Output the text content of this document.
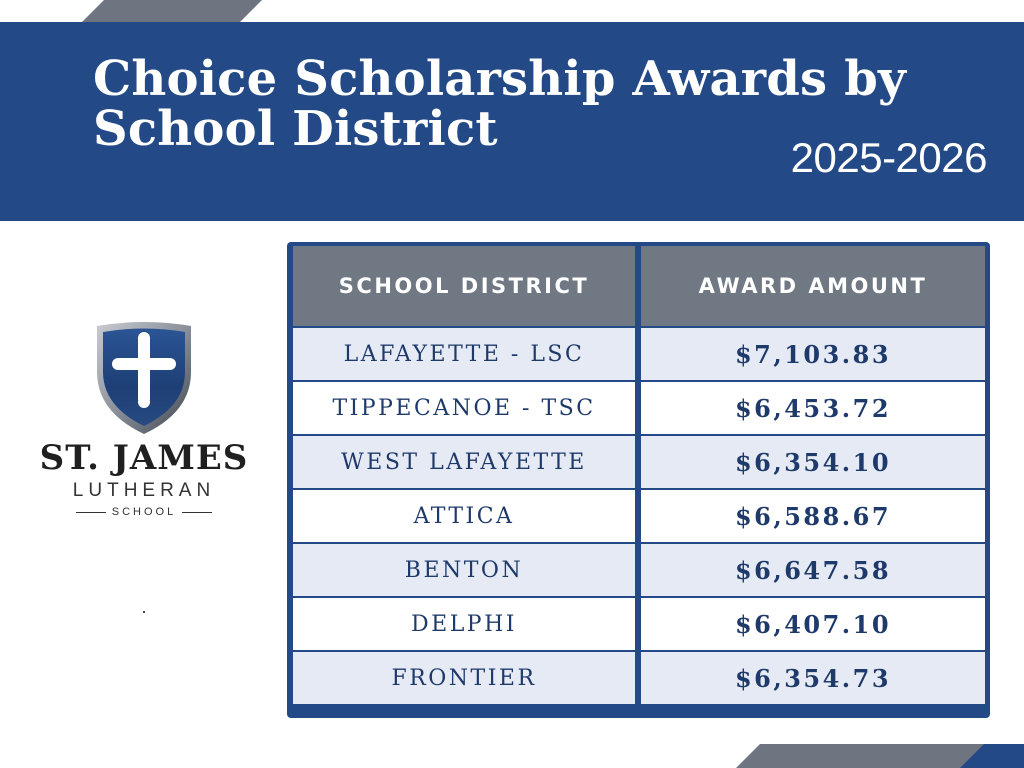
Choice Scholarship Awards by School District
2025-2026
ST. JAMES
LUTHERAN
SCHOOL
SCHOOL DISTRICT	AWARD AMOUNT
LAFAYETTE - LSC	$7,103.83
TIPPECANOE - TSC	$6,453.72
WEST LAFAYETTE	$6,354.10
ATTICA	$6,588.67
BENTON	$6,647.58
DELPHI	$6,407.10
FRONTIER	$6,354.73
